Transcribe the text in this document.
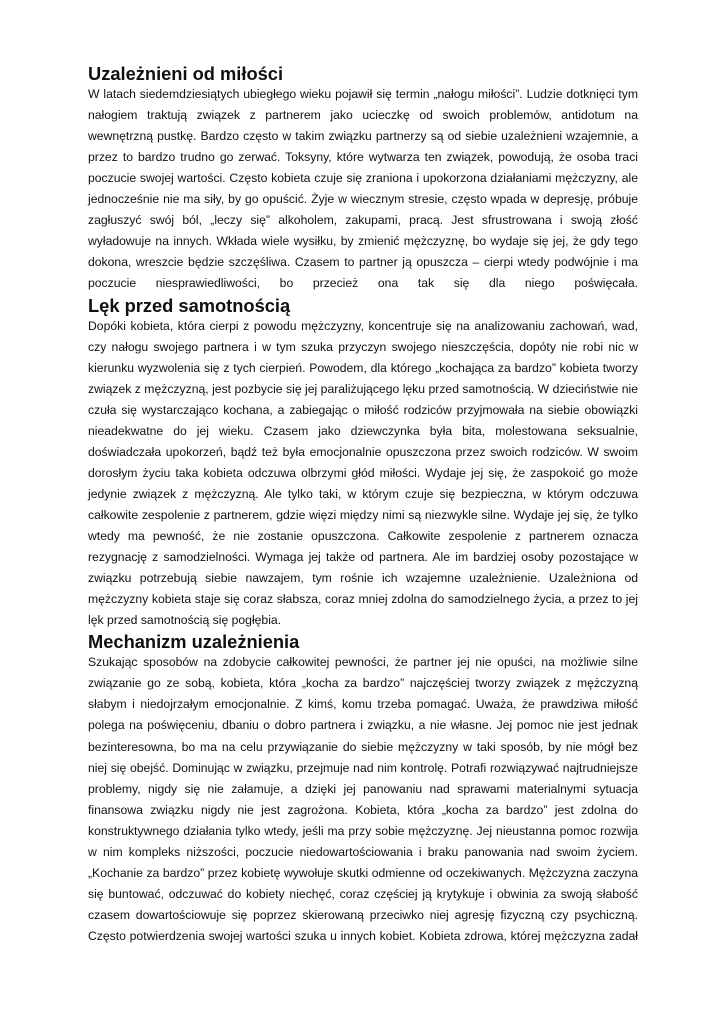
Uzależnieni od miłości

W latach siedemdziesiątych ubiegłego wieku pojawił się termin „nałogu miłości”. Ludzie dotknięci tym nałogiem traktują związek z partnerem jako ucieczkę od swoich problemów, antidotum na wewnętrzną pustkę. Bardzo często w takim związku partnerzy są od siebie uzależnieni wzajemnie, a przez to bardzo trudno go zerwać. Toksyny, które wytwarza ten związek, powodują, że osoba traci poczucie swojej wartości. Często kobieta czuje się zraniona i upokorzona działaniami mężczyzny, ale jednocześnie nie ma siły, by go opuścić. Żyje w wiecznym stresie, często wpada w depresję, próbuje zagłuszyć swój ból, „leczy się” alkoholem, zakupami, pracą. Jest sfrustrowana i swoją złość wyładowuje na innych. Wkłada wiele wysiłku, by zmienić mężczyznę, bo wydaje się jej, że gdy tego dokona, wreszcie będzie szczęśliwa. Czasem to partner ją opuszcza – cierpi wtedy podwójnie i ma poczucie niesprawiedliwości, bo przecież ona tak się dla niego poświęcała.

Lęk przed samotnością

Dopóki kobieta, która cierpi z powodu mężczyzny, koncentruje się na analizowaniu zachowań, wad, czy nałogu swojego partnera i w tym szuka przyczyn swojego nieszczęścia, dopóty nie robi nic w kierunku wyzwolenia się z tych cierpień. Powodem, dla którego „kochająca za bardzo” kobieta tworzy związek z mężczyzną, jest pozbycie się jej paraliżującego lęku przed samotnością. W dzieciństwie nie czuła się wystarczająco kochana, a zabiegając o miłość rodziców przyjmowała na siebie obowiązki nieadekwatne do jej wieku. Czasem jako dziewczynka była bita, molestowana seksualnie, doświadczała upokorzeń, bądź też była emocjonalnie opuszczona przez swoich rodziców. W swoim dorosłym życiu taka kobieta odczuwa olbrzymi głód miłości. Wydaje jej się, że zaspokoić go może jedynie związek z mężczyzną. Ale tylko taki, w którym czuje się bezpieczna, w którym odczuwa całkowite zespolenie z partnerem, gdzie więzi między nimi są niezwykle silne. Wydaje jej się, że tylko wtedy ma pewność, że nie zostanie opuszczona. Całkowite zespolenie z partnerem oznacza rezygnację z samodzielności. Wymaga jej także od partnera. Ale im bardziej osoby pozostające w związku potrzebują siebie nawzajem, tym rośnie ich wzajemne uzależnienie. Uzależniona od mężczyzny kobieta staje się coraz słabsza, coraz mniej zdolna do samodzielnego życia, a przez to jej lęk przed samotnością się pogłębia.

Mechanizm uzależnienia

Szukając sposobów na zdobycie całkowitej pewności, że partner jej nie opuści, na możliwie silne związanie go ze sobą, kobieta, która „kocha za bardzo” najczęściej tworzy związek z mężczyzną słabym i niedojrzałym emocjonalnie. Z kimś, komu trzeba pomagać. Uważa, że prawdziwa miłość polega na poświęceniu, dbaniu o dobro partnera i związku, a nie własne. Jej pomoc nie jest jednak bezinteresowna, bo ma na celu przywiązanie do siebie mężczyzny w taki sposób, by nie mógł bez niej się obejść. Dominując w związku, przejmuje nad nim kontrolę. Potrafi rozwiązywać najtrudniejsze problemy, nigdy się nie załamuje, a dzięki jej panowaniu nad sprawami materialnymi sytuacja finansowa związku nigdy nie jest zagrożona. Kobieta, która „kocha za bardzo” jest zdolna do konstruktywnego działania tylko wtedy, jeśli ma przy sobie mężczyznę. Jej nieustanna pomoc rozwija w nim kompleks niższości, poczucie niedowartościowania i braku panowania nad swoim życiem. „Kochanie za bardzo” przez kobietę wywołuje skutki odmienne od oczekiwanych. Mężczyzna zaczyna się buntować, odczuwać do kobiety niechęć, coraz częściej ją krytykuje i obwinia za swoją słabość czasem dowartościowuje się poprzez skierowaną przeciwko niej agresję fizyczną czy psychiczną. Często potwierdzenia swojej wartości szuka u innych kobiet. Kobieta zdrowa, której mężczyzna zadał
